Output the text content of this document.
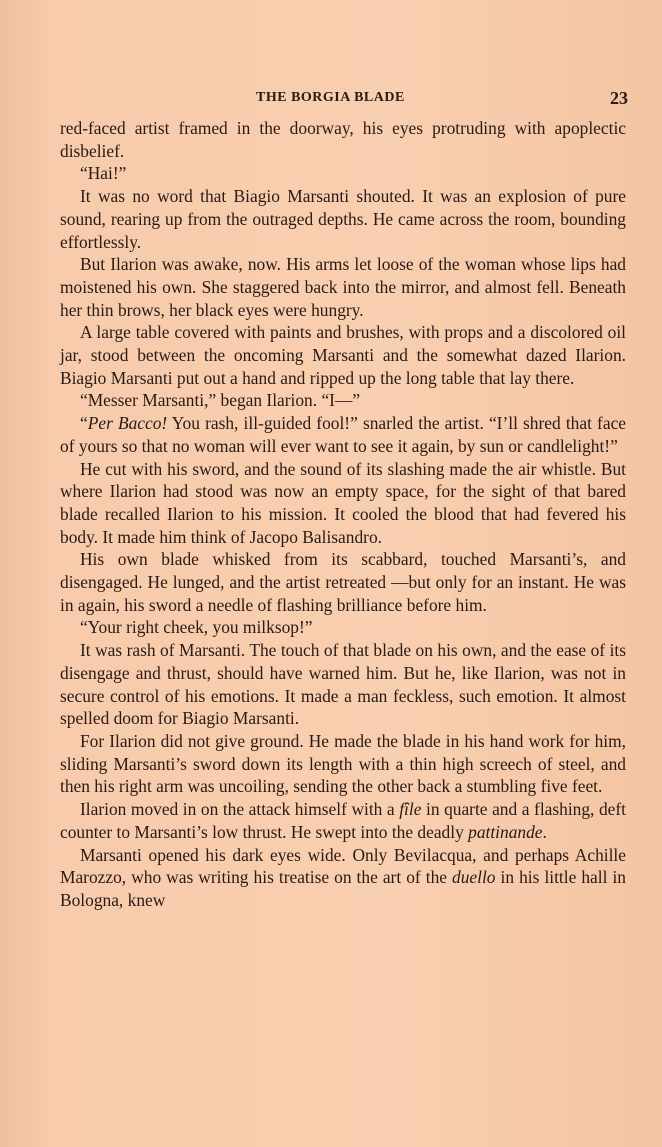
THE BORGIA BLADE	23

red-faced artist framed in the doorway, his eyes protruding with apoplectic disbelief.

“Hai!”

It was no word that Biagio Marsanti shouted. It was an explosion of pure sound, rearing up from the outraged depths. He came across the room, bounding effortlessly.

But Ilarion was awake, now. His arms let loose of the woman whose lips had moistened his own. She staggered back into the mirror, and almost fell. Beneath her thin brows, her black eyes were hungry.

A large table covered with paints and brushes, with props and a discolored oil jar, stood between the oncoming Marsanti and the somewhat dazed Ilarion. Biagio Marsanti put out a hand and ripped up the long table that lay there.

“Messer Marsanti,” began Ilarion. “I—”

“Per Bacco! You rash, ill-guided fool!” snarled the artist. “I’ll shred that face of yours so that no woman will ever want to see it again, by sun or candlelight!”

He cut with his sword, and the sound of its slashing made the air whistle. But where Ilarion had stood was now an empty space, for the sight of that bared blade recalled Ilarion to his mission. It cooled the blood that had fevered his body. It made him think of Jacopo Balisandro.

His own blade whisked from its scabbard, touched Marsanti’s, and disengaged. He lunged, and the artist retreated —but only for an instant. He was in again, his sword a needle of flashing brilliance before him.

“Your right cheek, you milksop!”

It was rash of Marsanti. The touch of that blade on his own, and the ease of its disengage and thrust, should have warned him. But he, like Ilarion, was not in secure control of his emotions. It made a man feckless, such emotion. It almost spelled doom for Biagio Marsanti.

For Ilarion did not give ground. He made the blade in his hand work for him, sliding Marsanti’s sword down its length with a thin high screech of steel, and then his right arm was uncoiling, sending the other back a stumbling five feet.

Ilarion moved in on the attack himself with a fîle in quarte and a flashing, deft counter to Marsanti’s low thrust. He swept into the deadly pattinande.

Marsanti opened his dark eyes wide. Only Bevilacqua, and perhaps Achille Marozzo, who was writing his treatise on the art of the duello in his little hall in Bologna, knew
